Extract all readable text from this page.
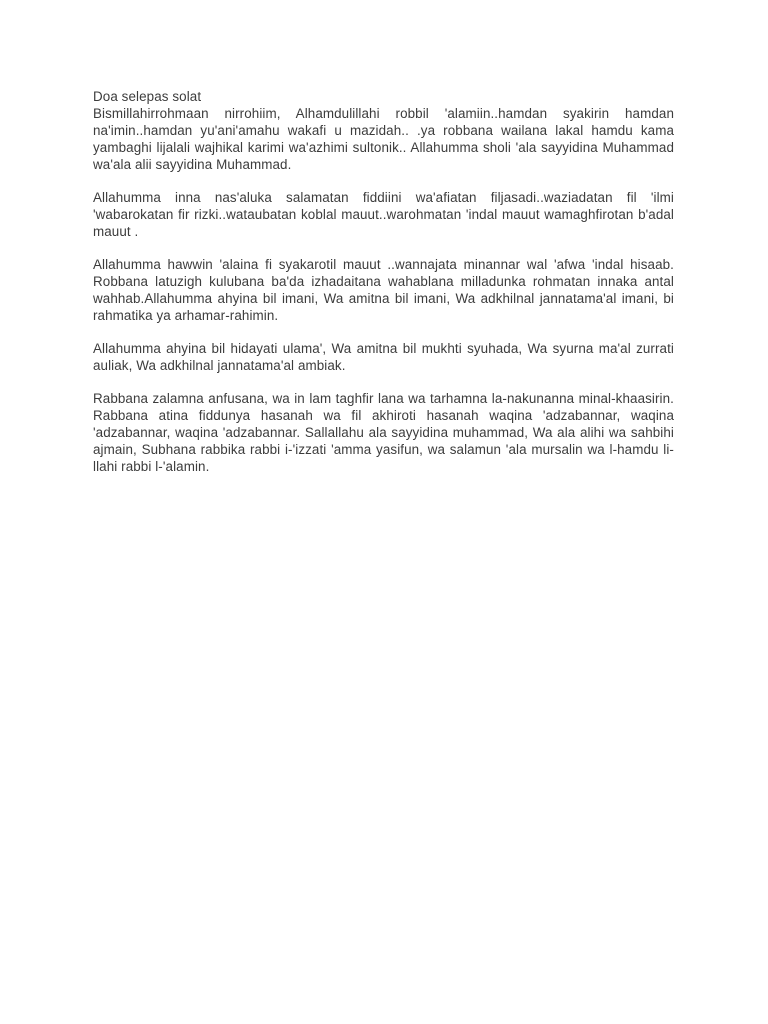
Doa selepas solat

Bismillahirrohmaan nirrohiim, Alhamdulillahi robbil 'alamiin..hamdan syakirin hamdan na'imin..hamdan yu'ani'amahu wakafi u mazidah.. .ya robbana wailana lakal hamdu kama yambaghi lijalali wajhikal karimi wa'azhimi sultonik.. Allahumma sholi 'ala sayyidina Muhammad wa'ala alii sayyidina Muhammad.

Allahumma inna nas'aluka salamatan fiddiini wa'afiatan filjasadi..waziadatan fil 'ilmi 'wabarokatan fir rizki..wataubatan koblal mauut..warohmatan 'indal mauut wamaghfirotan b'adal mauut .

Allahumma hawwin 'alaina fi syakarotil mauut ..wannajata minannar wal 'afwa 'indal hisaab. Robbana latuzigh kulubana ba'da izhadaitana wahablana milladunka rohmatan innaka antal wahhab.Allahumma ahyina bil imani, Wa amitna bil imani, Wa adkhilnal jannatama'al imani, bi rahmatika ya arhamar-rahimin.

Allahumma ahyina bil hidayati ulama', Wa amitna bil mukhti syuhada, Wa syurna ma'al zurrati auliak, Wa adkhilnal jannatama'al ambiak.

Rabbana zalamna anfusana, wa in lam taghfir lana wa tarhamna la-nakunanna minal-khaasirin. Rabbana atina fiddunya hasanah wa fil akhiroti hasanah waqina 'adzabannar, waqina 'adzabannar, waqina 'adzabannar. Sallallahu ala sayyidina muhammad, Wa ala alihi wa sahbihi ajmain, Subhana rabbika rabbi i-'izzati 'amma yasifun, wa salamun 'ala mursalin wa l-hamdu li-llahi rabbi l-'alamin.
